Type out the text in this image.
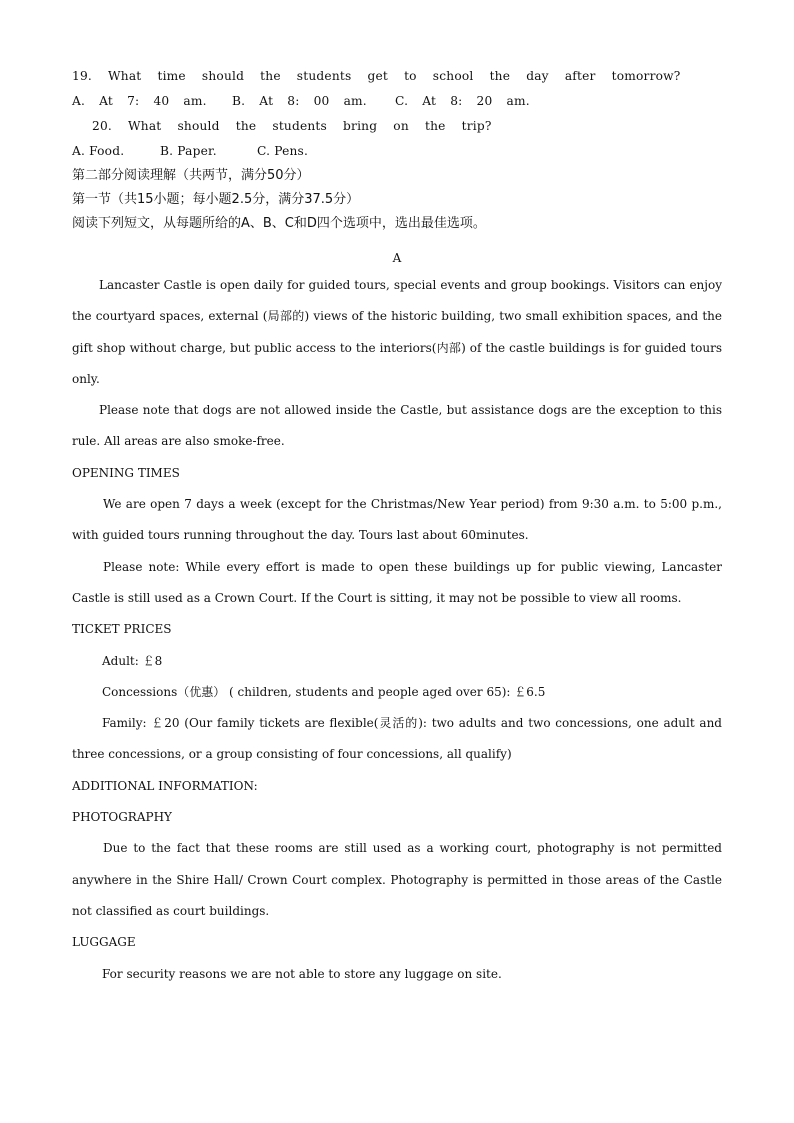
19. What time should the students get to school the day after tomorrow?
A. At 7: 40 am. B. At 8: 00 am. C. At 8: 20 am.
20. What should the students bring on the trip?
A. Food.	B. Paper.	C. Pens.
第二部分阅读理解（共两节，满分50分）
第一节（共15小题；每小题2.5分，满分37.5分）
阅读下列短文，从每题所给的A、B、C和D四个选项中，选出最佳选项。
A
Lancaster Castle is open daily for guided tours, special events and group bookings. Visitors can enjoy the courtyard spaces, external (局部的) views of the historic building, two small exhibition spaces, and the gift shop without charge, but public access to the interiors(内部) of the castle buildings is for guided tours only.
Please note that dogs are not allowed inside the Castle, but assistance dogs are the exception to this rule. All areas are also smoke-free.
OPENING TIMES
We are open 7 days a week (except for the Christmas/New Year period) from 9:30 a.m. to 5:00 p.m., with guided tours running throughout the day. Tours last about 60minutes.
Please note: While every effort is made to open these buildings up for public viewing, Lancaster Castle is still used as a Crown Court. If the Court is sitting, it may not be possible to view all rooms.
TICKET PRICES
Adult: ￡8
Concessions（优惠） ( children, students and people aged over 65): ￡6.5
Family: ￡20 (Our family tickets are flexible(灵活的): two adults and two concessions, one adult and three concessions, or a group consisting of four concessions, all qualify)
ADDITIONAL INFORMATION:
PHOTOGRAPHY
Due to the fact that these rooms are still used as a working court, photography is not permitted anywhere in the Shire Hall/ Crown Court complex. Photography is permitted in those areas of the Castle not classified as court buildings.
LUGGAGE
For security reasons we are not able to store any luggage on site.
